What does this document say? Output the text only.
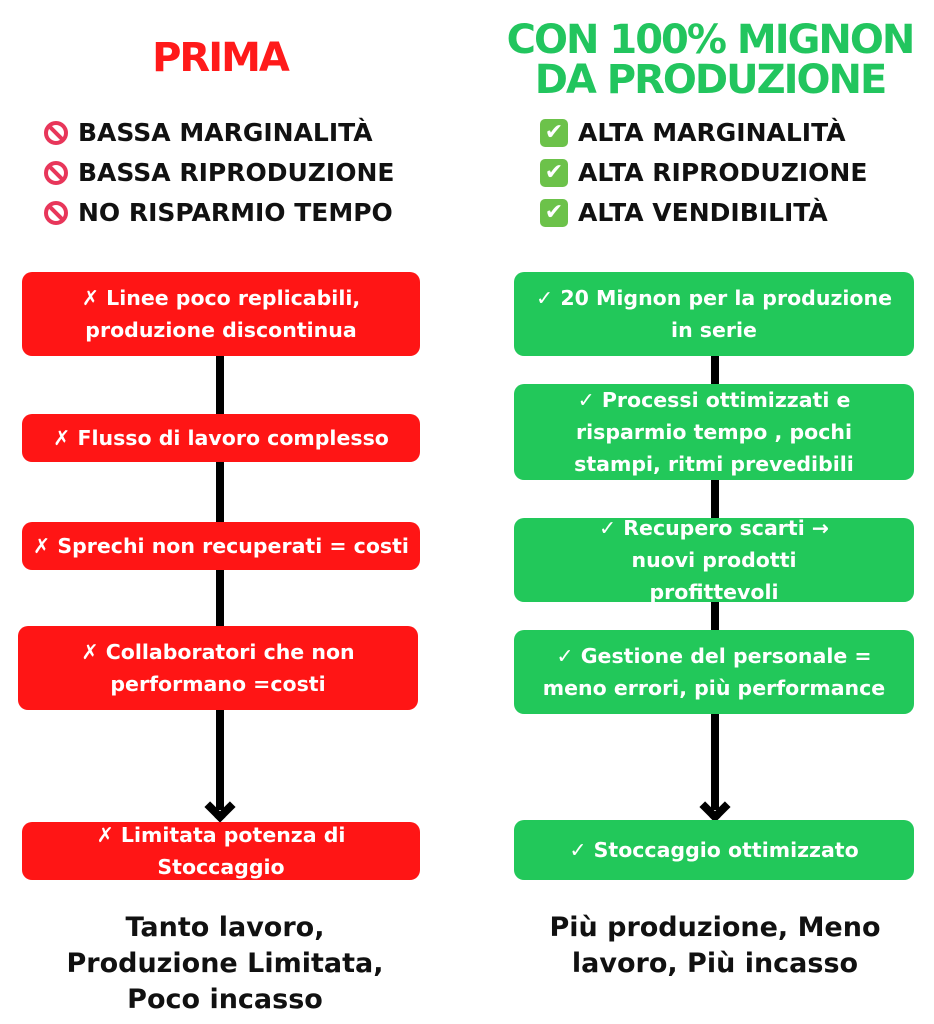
PRIMA	CON 100% MIGNON DA PRODUZIONE
BASSA MARGINALITÀ
BASSA RIPRODUZIONE
NO RISPARMIO TEMPO
✔ ALTA MARGINALITÀ
✔ ALTA RIPRODUZIONE
✔ ALTA VENDIBILITÀ
✗ Linee poco replicabili, produzione discontinua
✗ Flusso di lavoro complesso
✗ Sprechi non recuperati = costi
✗ Collaboratori che non performano =costi
✗ Limitata potenza di Stoccaggio
✓ 20 Mignon per la produzione in serie
✓ Processi ottimizzati e risparmio tempo , pochi stampi, ritmi prevedibili
✓ Recupero scarti → nuovi prodotti profittevoli
✓ Gestione del personale = meno errori, più performance
✓ Stoccaggio ottimizzato
Tanto lavoro, Produzione Limitata, Poco incasso
Più produzione, Meno lavoro, Più incasso
